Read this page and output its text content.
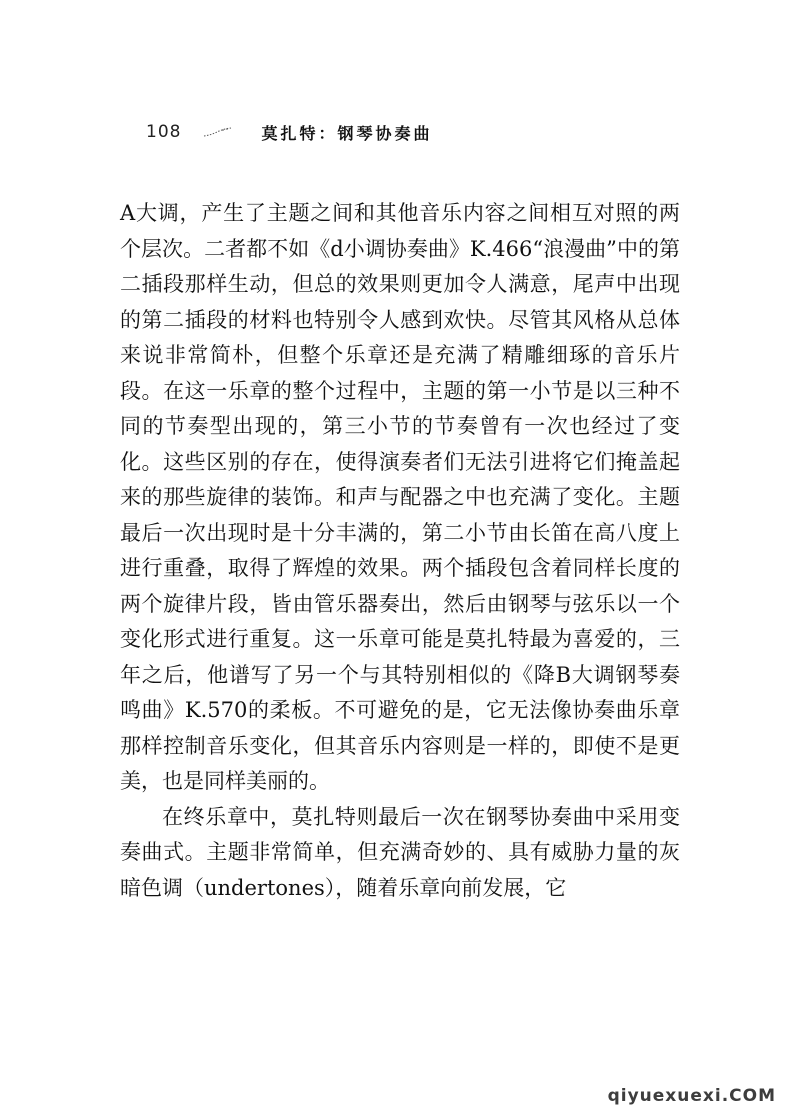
108	莫扎特：钢琴协奏曲

A大调，产生了主题之间和其他音乐内容之间相互对照的两个层次。二者都不如《d小调协奏曲》K.466“浪漫曲”中的第二插段那样生动，但总的效果则更加令人满意，尾声中出现的第二插段的材料也特别令人感到欢快。尽管其风格从总体来说非常简朴，但整个乐章还是充满了精雕细琢的音乐片段。在这一乐章的整个过程中，主题的第一小节是以三种不同的节奏型出现的，第三小节的节奏曾有一次也经过了变化。这些区别的存在，使得演奏者们无法引进将它们掩盖起来的那些旋律的装饰。和声与配器之中也充满了变化。主题最后一次出现时是十分丰满的，第二小节由长笛在高八度上进行重叠，取得了辉煌的效果。两个插段包含着同样长度的两个旋律片段，皆由管乐器奏出，然后由钢琴与弦乐以一个变化形式进行重复。这一乐章可能是莫扎特最为喜爱的，三年之后，他谱写了另一个与其特别相似的《降B大调钢琴奏鸣曲》K.570的柔板。不可避免的是，它无法像协奏曲乐章那样控制音乐变化，但其音乐内容则是一样的，即使不是更美，也是同样美丽的。

在终乐章中，莫扎特则最后一次在钢琴协奏曲中采用变奏曲式。主题非常简单，但充满奇妙的、具有威胁力量的灰暗色调（undertones），随着乐章向前发展，它

qiyuexuexi.COM
